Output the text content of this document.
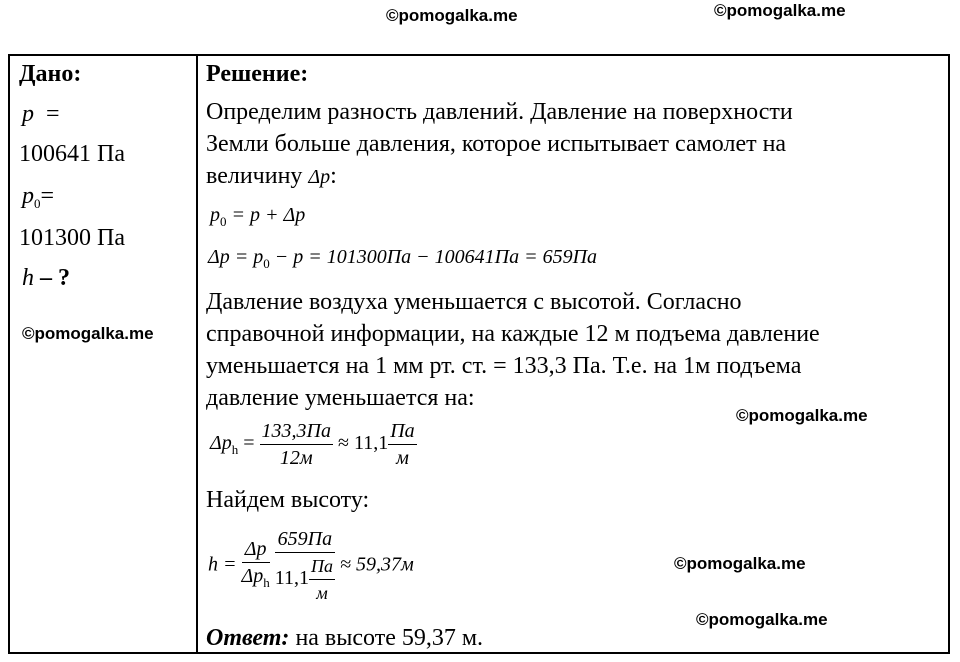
©pomogalka.me	©pomogalka.me
Дано:
p =
100641 Па
$p_0=$
101300 Па
h – ?
©pomogalka.me

Решение:
Определим разность давлений. Давление на поверхности
Земли больше давления, которое испытывает самолет на
величину Δp:
$p_0 = p + \Delta p$
$\Delta p = p_0 - p = 101300Па - 100641Па = 659Па$
Давление воздуха уменьшается с высотой. Согласно
справочной информации, на каждые 12 м подъема давление
уменьшается на 1 мм рт. ст. = 133,3 Па. Т.е. на 1м подъема
давление уменьшается на:
$\Delta p_h = \frac{133,3Па}{12м} \approx 11,1 \frac{Па}{м}$
©pomogalka.me
Найдем высоту:
$h = \frac{\Delta p}{\Delta p_h}$
$\frac{659Па}{11,1 \frac{Па}{м}} \approx 59,37м$	©pomogalka.me
©pomogalka.me
Ответ: на высоте 59,37 м.
